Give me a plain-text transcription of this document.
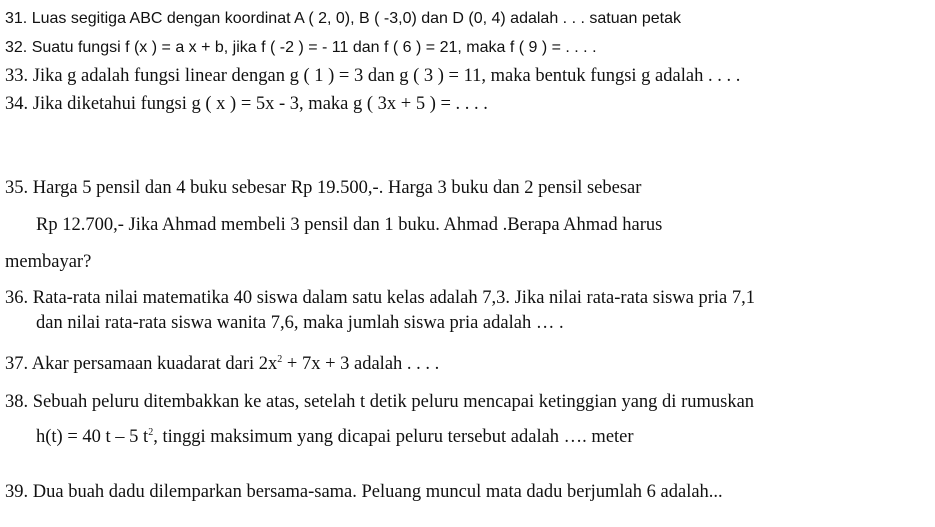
31. Luas segitiga ABC dengan koordinat A ( 2, 0), B ( -3,0) dan D (0, 4) adalah . . . satuan petak
32. Suatu fungsi f (x ) = a x + b, jika f ( -2 ) = - 11 dan f ( 6 ) = 21, maka f ( 9 ) = . . . .
33. Jika g adalah fungsi linear dengan g ( 1 ) = 3 dan g ( 3 ) = 11, maka bentuk fungsi g adalah . . . .
34. Jika diketahui fungsi g ( x ) = 5x - 3, maka g ( 3x + 5 ) = . . . .
35. Harga 5 pensil dan 4 buku sebesar Rp 19.500,-. Harga 3 buku dan 2 pensil sebesar
Rp 12.700,- Jika Ahmad membeli 3 pensil dan 1 buku. Ahmad .Berapa Ahmad harus
membayar?
36. Rata-rata nilai matematika 40 siswa dalam satu kelas adalah 7,3. Jika nilai rata-rata siswa pria 7,1
dan nilai rata-rata siswa wanita 7,6, maka jumlah siswa pria adalah … .
37. Akar persamaan kuadarat dari $2x^2 + 7x + 3$ adalah . . . .
38. Sebuah peluru ditembakkan ke atas, setelah t detik peluru mencapai ketinggian yang di rumuskan
h(t) = 40 t – 5 $t^2$, tinggi maksimum yang dicapai peluru tersebut adalah …. meter
39. Dua buah dadu dilemparkan bersama-sama. Peluang muncul mata dadu berjumlah 6 adalah...
